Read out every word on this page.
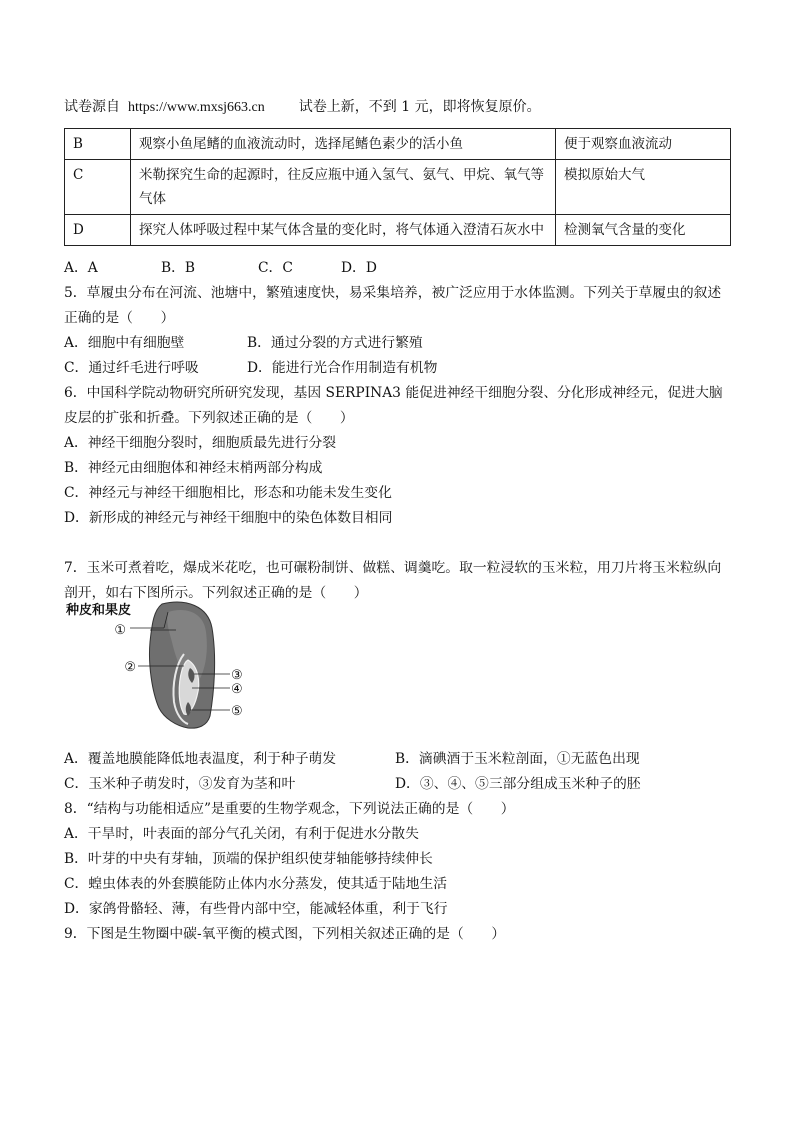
试卷源自 https://www.mxsj663.cn 试卷上新，不到 1 元，即将恢复原价。
B	观察小鱼尾鳍的血液流动时，选择尾鳍色素少的活小鱼	便于观察血液流动
C	米勒探究生命的起源时，往反应瓶中通入氢气、氨气、甲烷、氧气等气体	模拟原始大气
D	探究人体呼吸过程中某气体含量的变化时，将气体通入澄清石灰水中	检测氧气含量的变化
A．A	B．B	C．C	D．D
5．草履虫分布在河流、池塘中，繁殖速度快，易采集培养，被广泛应用于水体监测。下列关于草履虫的叙述
正确的是（　　）
A．细胞中有细胞壁	B．通过分裂的方式进行繁殖
C．通过纤毛进行呼吸	D．能进行光合作用制造有机物
6．中国科学院动物研究所研究发现，基因 SERPINA3 能促进神经干细胞分裂、分化形成神经元，促进大脑
皮层的扩张和折叠。下列叙述正确的是（　　）
A．神经干细胞分裂时，细胞质最先进行分裂
B．神经元由细胞体和神经末梢两部分构成
C．神经元与神经干细胞相比，形态和功能未发生变化
D．新形成的神经元与神经干细胞中的染色体数目相同
7．玉米可煮着吃，爆成米花吃，也可碾粉制饼、做糕、调羹吃。取一粒浸软的玉米粒，用刀片将玉米粒纵向
剖开，如右下图所示。下列叙述正确的是（　　）
种皮和果皮
①
②
③
④
⑤
A．覆盖地膜能降低地表温度，利于种子萌发	B．滴碘酒于玉米粒剖面，①无蓝色出现
C．玉米种子萌发时，③发育为茎和叶	D．③、④、⑤三部分组成玉米种子的胚
8．“结构与功能相适应”是重要的生物学观念，下列说法正确的是（　　）
A．干旱时，叶表面的部分气孔关闭，有利于促进水分散失
B．叶芽的中央有芽轴，顶端的保护组织使芽轴能够持续伸长
C．蝗虫体表的外套膜能防止体内水分蒸发，使其适于陆地生活
D．家鸽骨骼轻、薄，有些骨内部中空，能减轻体重，利于飞行
9．下图是生物圈中碳-氧平衡的模式图，下列相关叙述正确的是（　　）
